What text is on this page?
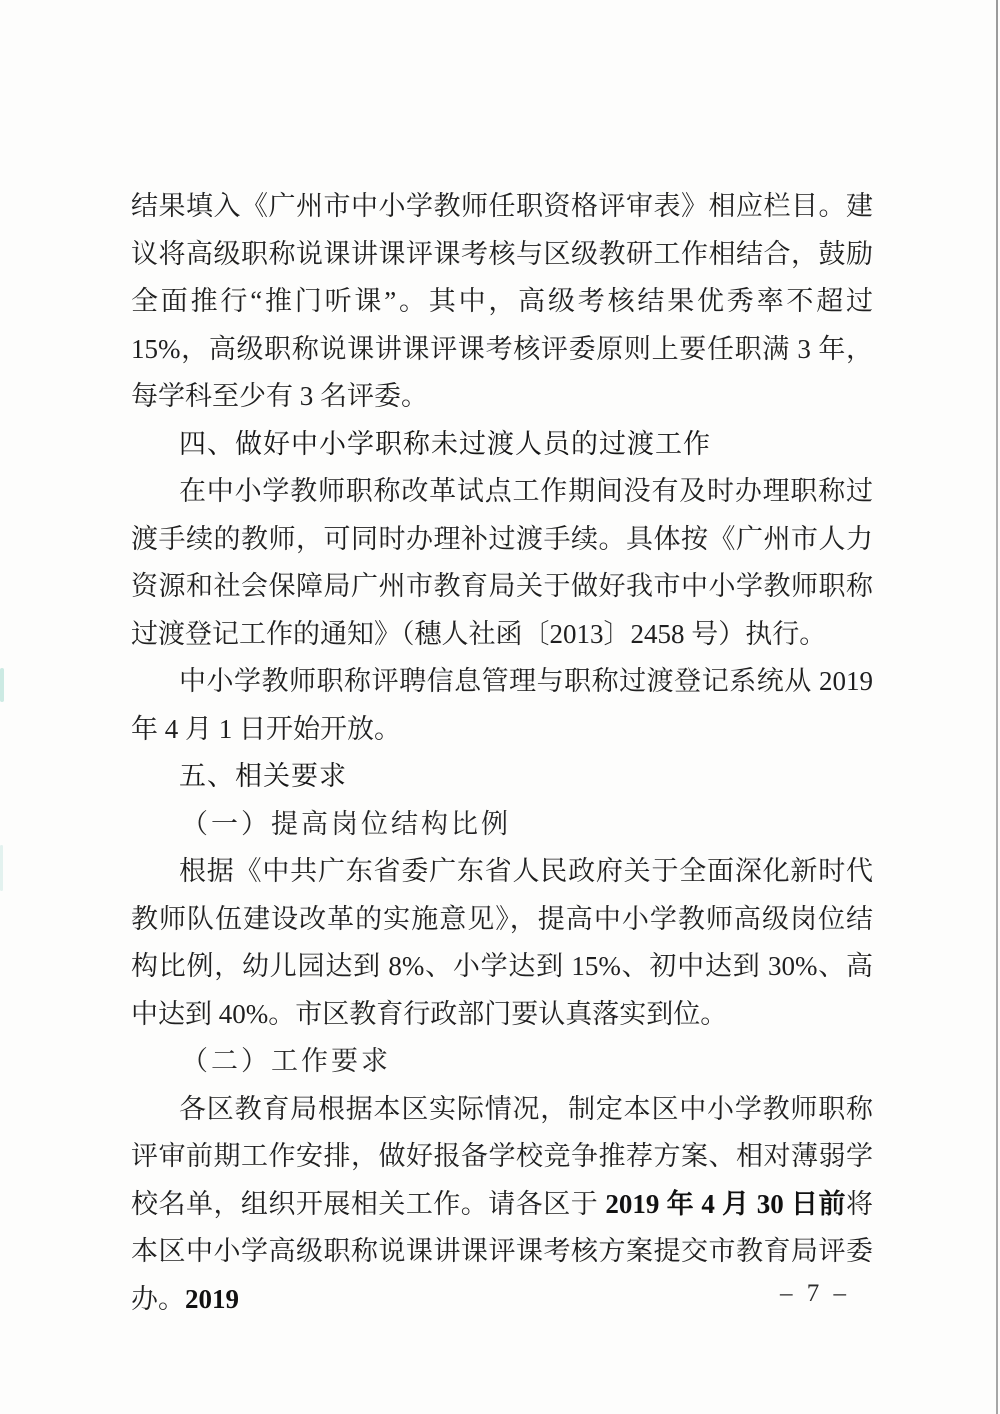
结果填入《广州市中小学教师任职资格评审表》相应栏目。建议将高级职称说课讲课评课考核与区级教研工作相结合，鼓励全面推行“推门听课”。其中，高级考核结果优秀率不超过 15%，高级职称说课讲课评课考核评委原则上要任职满 3 年，每学科至少有 3 名评委。

四、做好中小学职称未过渡人员的过渡工作

在中小学教师职称改革试点工作期间没有及时办理职称过渡手续的教师，可同时办理补过渡手续。具体按《广州市人力资源和社会保障局广州市教育局关于做好我市中小学教师职称过渡登记工作的通知》（穗人社函〔2013〕2458 号）执行。

中小学教师职称评聘信息管理与职称过渡登记系统从 2019 年 4 月 1 日开始开放。

五、相关要求
（一）提高岗位结构比例

根据《中共广东省委广东省人民政府关于全面深化新时代教师队伍建设改革的实施意见》，提高中小学教师高级岗位结构比例，幼儿园达到 8%、小学达到 15%、初中达到 30%、高中达到 40%。市区教育行政部门要认真落实到位。

（二）工作要求

各区教育局根据本区实际情况，制定本区中小学教师职称评审前期工作安排，做好报备学校竞争推荐方案、相对薄弱学校名单，组织开展相关工作。请各区于 2019 年 4 月 30 日前将本区中小学高级职称说课讲课评课考核方案提交市教育局评委办。2019	– 7 –
